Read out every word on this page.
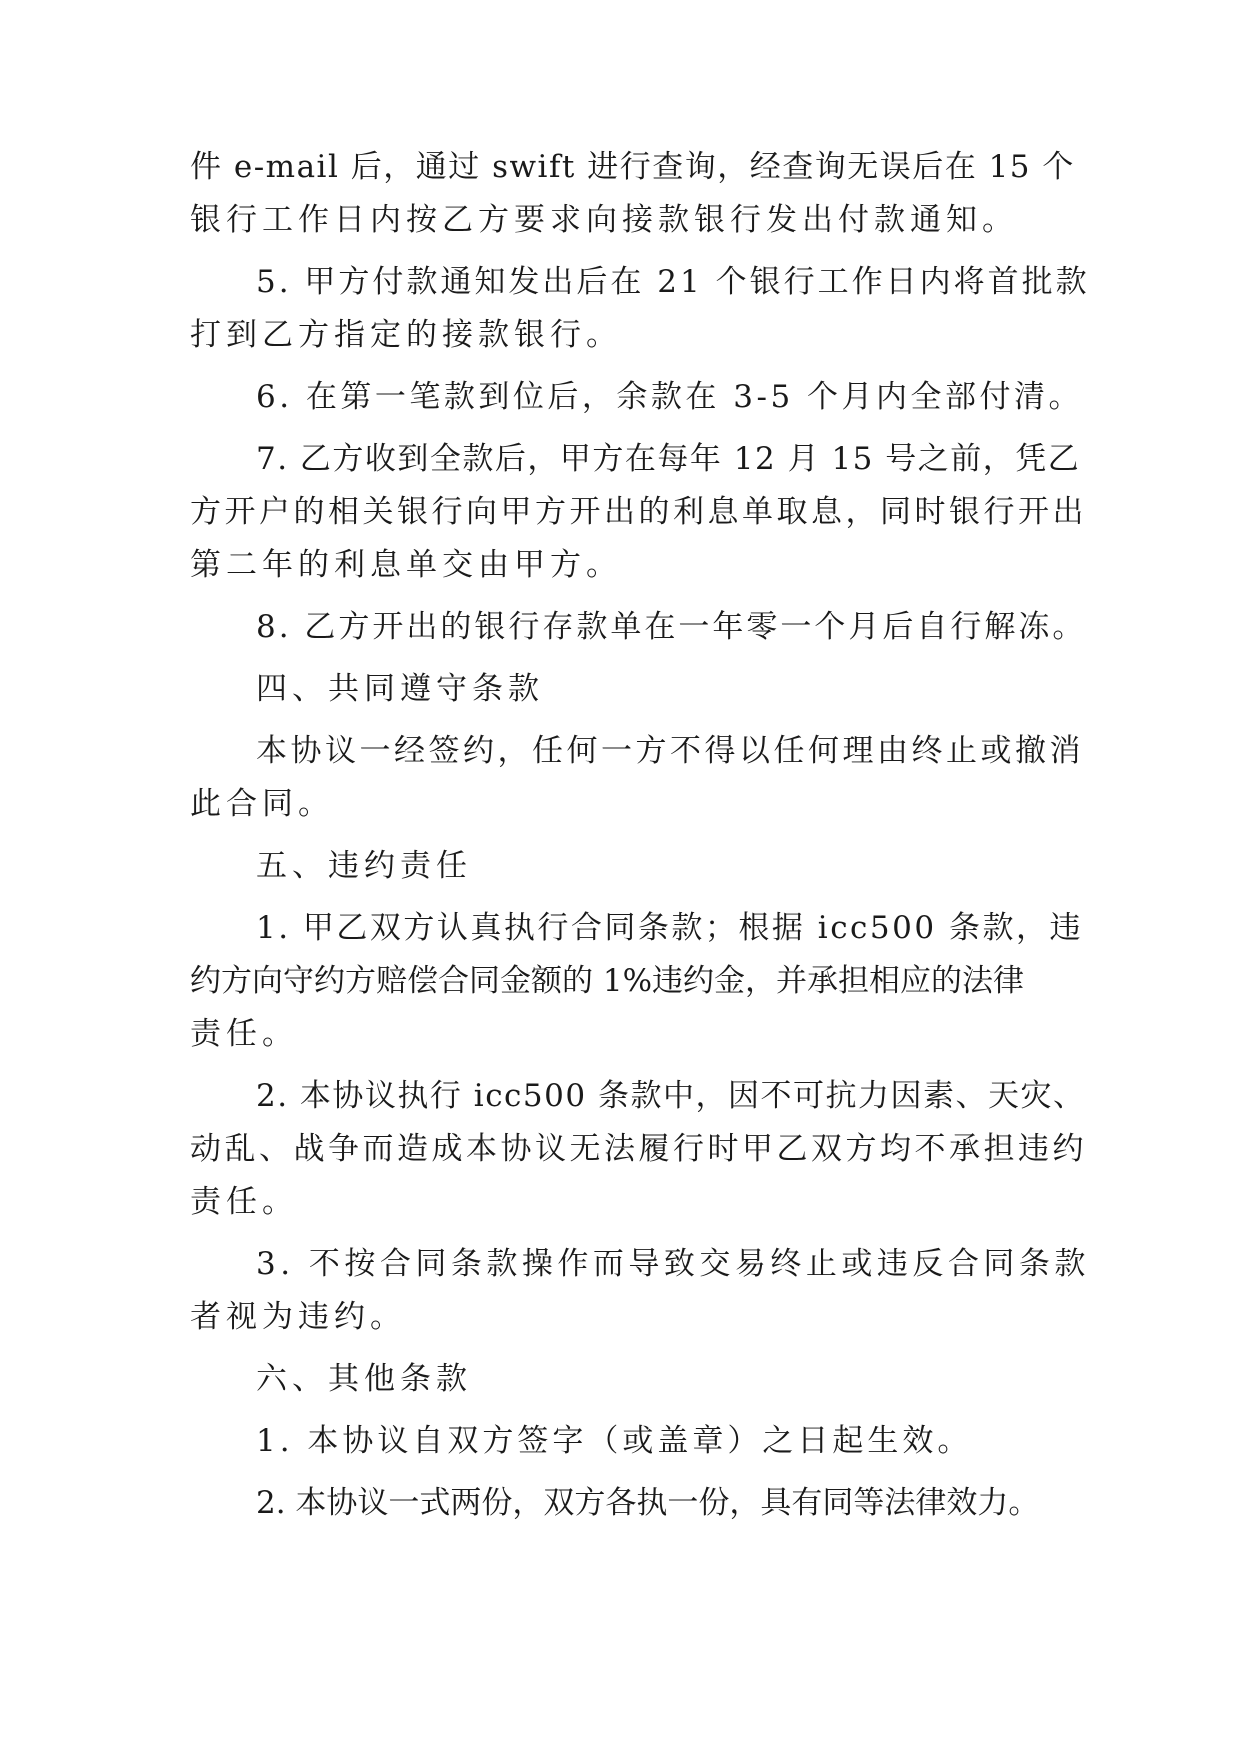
件 e-mail 后，通过 swift 进行查询，经查询无误后在 15 个

银行工作日内按乙方要求向接款银行发出付款通知。

5. 甲方付款通知发出后在 21 个银行工作日内将首批款

打到乙方指定的接款银行。

6. 在第一笔款到位后，余款在 3-5 个月内全部付清。

7. 乙方收到全款后，甲方在每年 12 月 15 号之前，凭乙

方开户的相关银行向甲方开出的利息单取息，同时银行开出

第二年的利息单交由甲方。

8. 乙方开出的银行存款单在一年零一个月后自行解冻。

四、共同遵守条款

本协议一经签约，任何一方不得以任何理由终止或撤消

此合同。

五、违约责任

1. 甲乙双方认真执行合同条款；根据 icc500 条款，违

约方向守约方赔偿合同金额的 1%违约金，并承担相应的法律

责任。

2. 本协议执行 icc500 条款中，因不可抗力因素、天灾、

动乱、战争而造成本协议无法履行时甲乙双方均不承担违约

责任。

3. 不按合同条款操作而导致交易终止或违反合同条款

者视为违约。

六、其他条款

1. 本协议自双方签字（或盖章）之日起生效。

2. 本协议一式两份，双方各执一份，具有同等法律效力。
